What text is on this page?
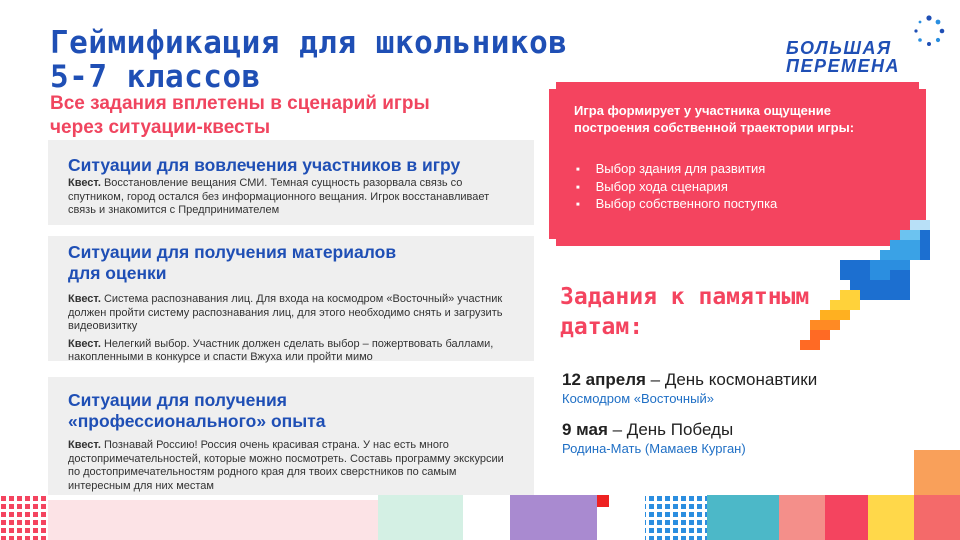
Геймификация для школьников
5-7 классов
Все задания вплетены в сценарий игры
через ситуации-квесты
БОЛЬШАЯ
ПЕРЕМЕНА
Ситуации для вовлечения участников в игру

Квест. Восстановление вещания СМИ. Темная сущность разорвала связь со спутником, город остался без информационного вещания. Игрок восстанавливает связь и знакомится с Предпринимателем

Ситуации для получения материалов
для оценки

Квест. Система распознавания лиц. Для входа на космодром «Восточный» участник должен пройти систему распознавания лиц, для этого необходимо снять и загрузить видеовизитку

Квест. Нелегкий выбор. Участник должен сделать выбор – пожертвовать баллами, накопленными в конкурсе и спасти Вжуха или пройти мимо

Ситуации для получения
«профессионального» опыта

Квест. Познавай Россию! Россия очень красивая страна. У нас есть много достопримечательностей, которые можно посмотреть. Составь программу экскурсии по достопримечательностям родного края для твоих сверстников по самым интересным для них местам

Игра формирует у участника ощущение построения собственной траектории игры:
■ Выбор здания для развития
■ Выбор хода сценария
■ Выбор собственного поступка
Задания к памятным
датам:
12 апреля – День космонавтики
Космодром «Восточный»
9 мая – День Победы
Родина-Мать (Мамаев Курган)
